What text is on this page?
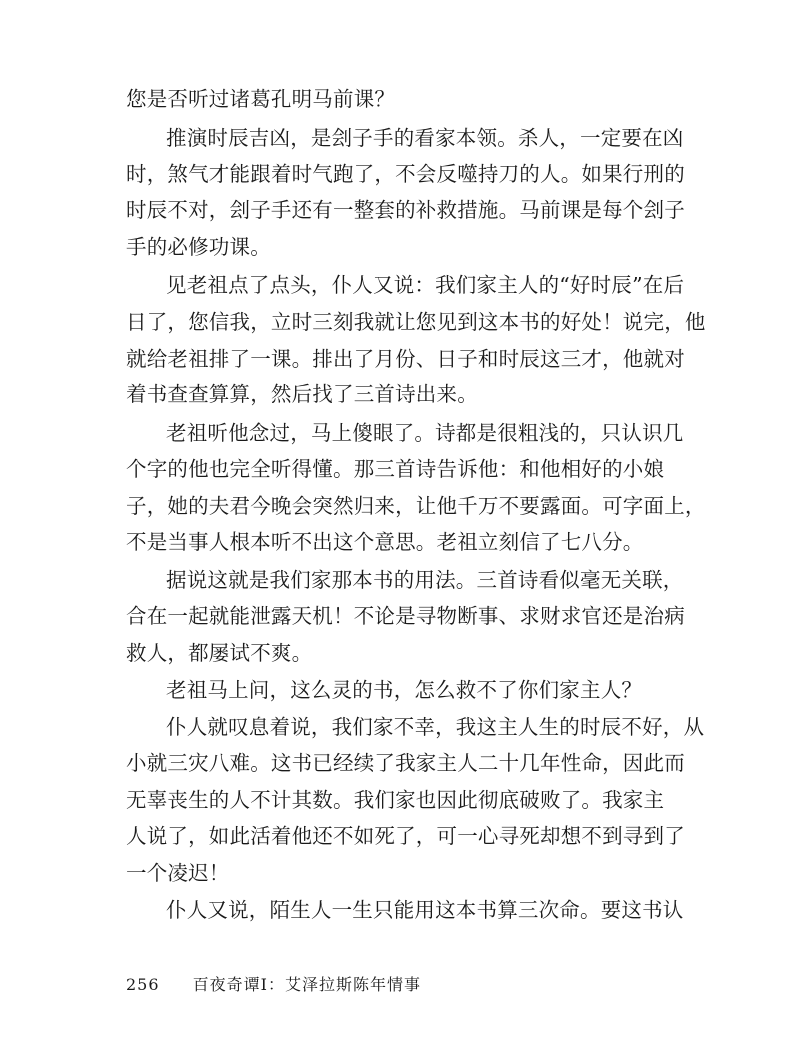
您是否听过诸葛孔明马前课？
推演时辰吉凶，是刽子手的看家本领。杀人，一定要在凶
时，煞气才能跟着时气跑了，不会反噬持刀的人。如果行刑的
时辰不对，刽子手还有一整套的补救措施。马前课是每个刽子
手的必修功课。
见老祖点了点头，仆人又说：我们家主人的“好时辰”在后
日了，您信我，立时三刻我就让您见到这本书的好处！说完，他
就给老祖排了一课。排出了月份、日子和时辰这三才，他就对
着书查查算算，然后找了三首诗出来。
老祖听他念过，马上傻眼了。诗都是很粗浅的，只认识几
个字的他也完全听得懂。那三首诗告诉他：和他相好的小娘
子，她的夫君今晚会突然归来，让他千万不要露面。可字面上，
不是当事人根本听不出这个意思。老祖立刻信了七八分。
据说这就是我们家那本书的用法。三首诗看似毫无关联，
合在一起就能泄露天机！不论是寻物断事、求财求官还是治病
救人，都屡试不爽。
老祖马上问，这么灵的书，怎么救不了你们家主人？
仆人就叹息着说，我们家不幸，我这主人生的时辰不好，从
小就三灾八难。这书已经续了我家主人二十几年性命，因此而
无辜丧生的人不计其数。我们家也因此彻底破败了。我家主
人说了，如此活着他还不如死了，可一心寻死却想不到寻到了
一个凌迟！
仆人又说，陌生人一生只能用这本书算三次命。要这书认
256 百夜奇谭Ⅰ：艾泽拉斯陈年情事
